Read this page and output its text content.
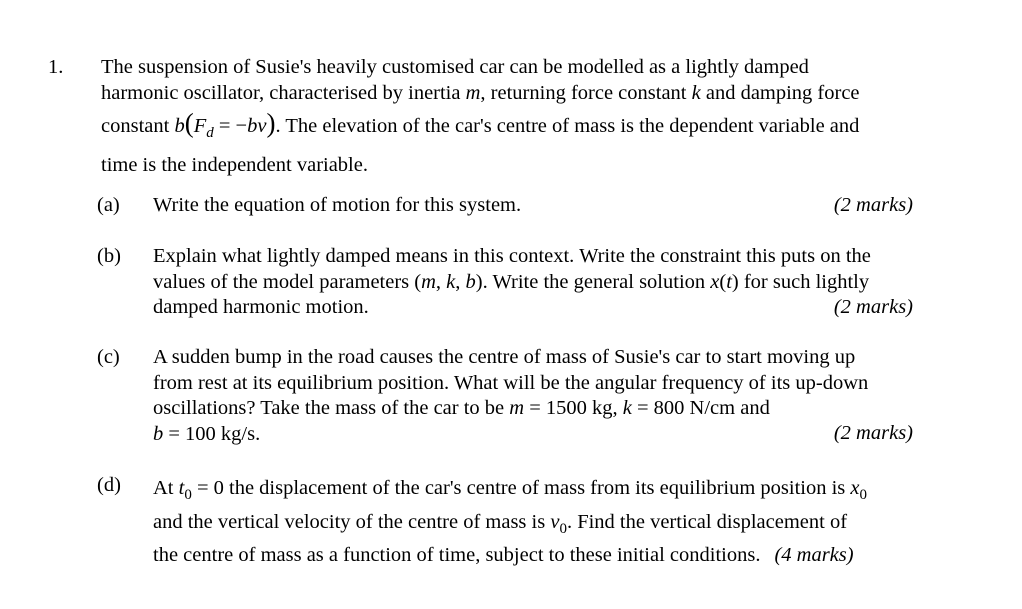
1. The suspension of Susie's heavily customised car can be modelled as a lightly damped

harmonic oscillator, characterised by inertia m, returning force constant k and damping force

constant $b(F_d = -bv)$. The elevation of the car's centre of mass is the dependent variable and

time is the independent variable.

(a) Write the equation of motion for this system.	(2 marks)
(b) Explain what lightly damped means in this context. Write the constraint this puts on the

values of the model parameters (m, k, b). Write the general solution x(t) for such lightly

damped harmonic motion.	(2 marks)
(c) A sudden bump in the road causes the centre of mass of Susie's car to start moving up

from rest at its equilibrium position. What will be the angular frequency of its up-down

oscillations? Take the mass of the car to be m = 1500 kg, k = 800 N/cm and

b = 100 kg/s.	(2 marks)
(d) At $t_0 = 0$ the displacement of the car's centre of mass from its equilibrium position is $x_0$

and the vertical velocity of the centre of mass is $v_0$. Find the vertical displacement of

the centre of mass as a function of time, subject to these initial conditions. (4 marks)
